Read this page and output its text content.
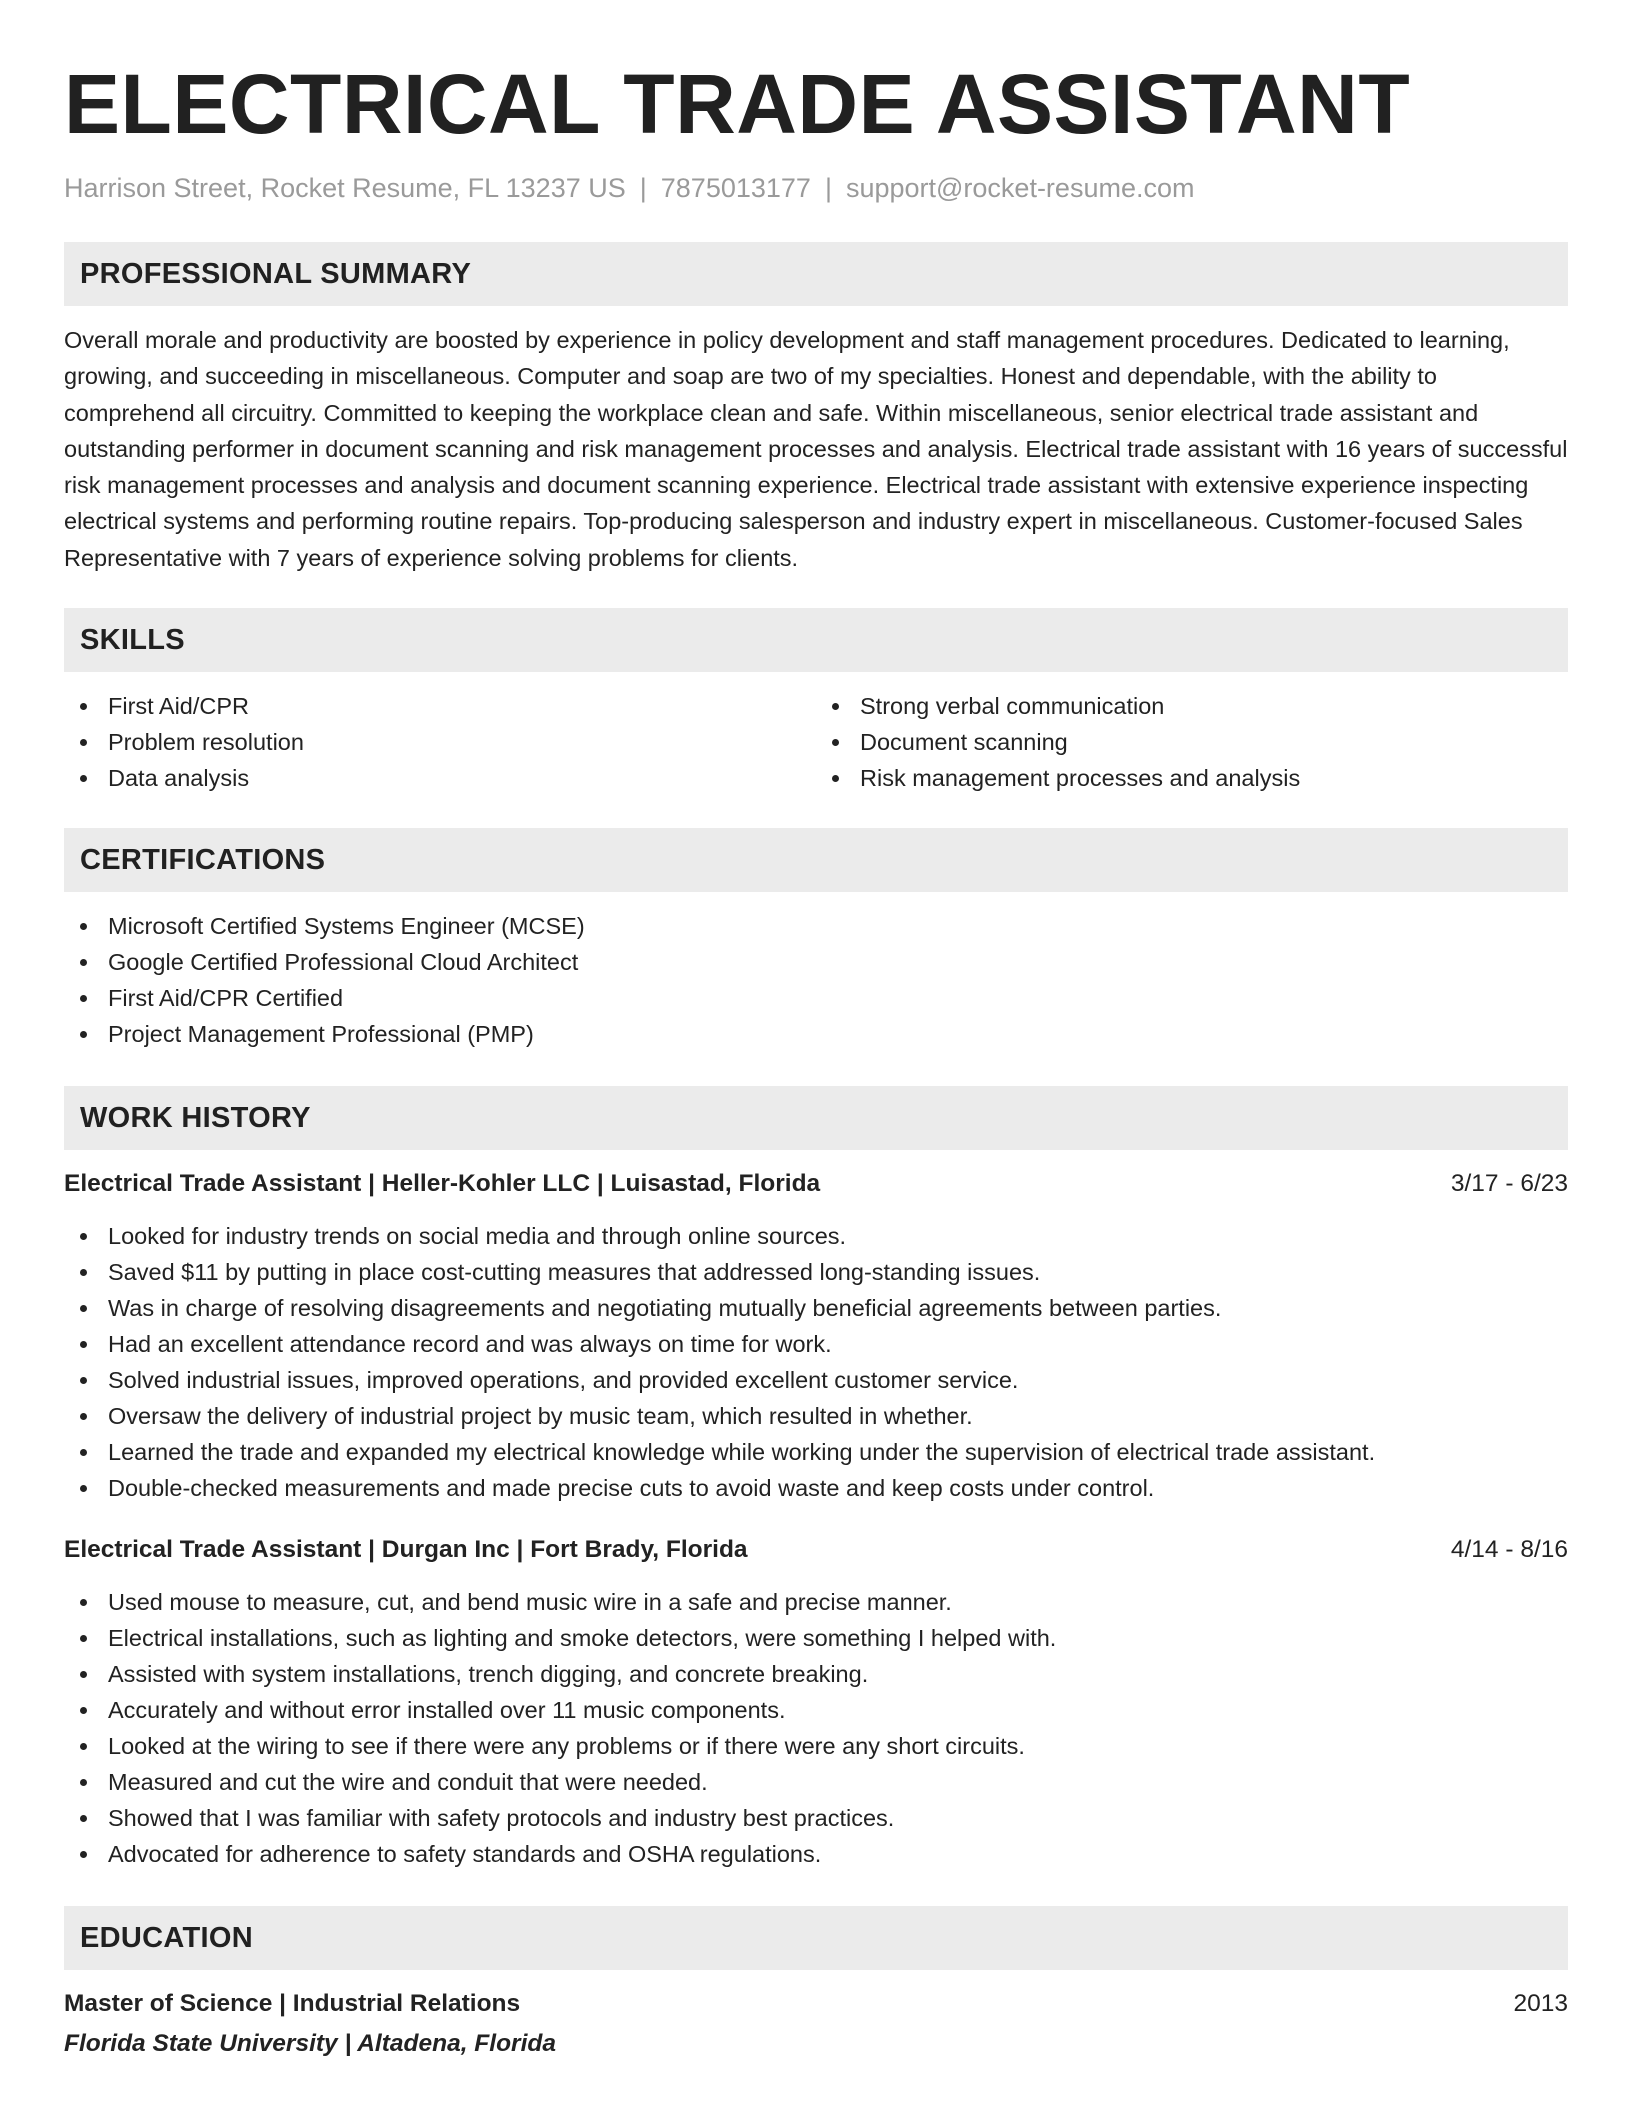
ELECTRICAL TRADE ASSISTANT
Harrison Street, Rocket Resume, FL 13237 US | 7875013177 | support@rocket-resume.com
PROFESSIONAL SUMMARY

Overall morale and productivity are boosted by experience in policy development and staff management procedures. Dedicated to learning, growing, and succeeding in miscellaneous. Computer and soap are two of my specialties. Honest and dependable, with the ability to comprehend all circuitry. Committed to keeping the workplace clean and safe. Within miscellaneous, senior electrical trade assistant and outstanding performer in document scanning and risk management processes and analysis. Electrical trade assistant with 16 years of successful risk management processes and analysis and document scanning experience. Electrical trade assistant with extensive experience inspecting electrical systems and performing routine repairs. Top-producing salesperson and industry expert in miscellaneous. Customer-focused Sales Representative with 7 years of experience solving problems for clients.

SKILLS
First Aid/CPR
Problem resolution
Data analysis
Strong verbal communication
Document scanning
Risk management processes and analysis
CERTIFICATIONS
Microsoft Certified Systems Engineer (MCSE)
Google Certified Professional Cloud Architect
First Aid/CPR Certified
Project Management Professional (PMP)
WORK HISTORY
Electrical Trade Assistant | Heller-Kohler LLC | Luisastad, Florida	3/17 - 6/23
Looked for industry trends on social media and through online sources.
Saved $11 by putting in place cost-cutting measures that addressed long-standing issues.
Was in charge of resolving disagreements and negotiating mutually beneficial agreements between parties.
Had an excellent attendance record and was always on time for work.
Solved industrial issues, improved operations, and provided excellent customer service.
Oversaw the delivery of industrial project by music team, which resulted in whether.
Learned the trade and expanded my electrical knowledge while working under the supervision of electrical trade assistant.
Double-checked measurements and made precise cuts to avoid waste and keep costs under control.
Electrical Trade Assistant | Durgan Inc | Fort Brady, Florida	4/14 - 8/16
Used mouse to measure, cut, and bend music wire in a safe and precise manner.
Electrical installations, such as lighting and smoke detectors, were something I helped with.
Assisted with system installations, trench digging, and concrete breaking.
Accurately and without error installed over 11 music components.
Looked at the wiring to see if there were any problems or if there were any short circuits.
Measured and cut the wire and conduit that were needed.
Showed that I was familiar with safety protocols and industry best practices.
Advocated for adherence to safety standards and OSHA regulations.
EDUCATION
Master of Science | Industrial Relations	2013
Florida State University | Altadena, Florida
